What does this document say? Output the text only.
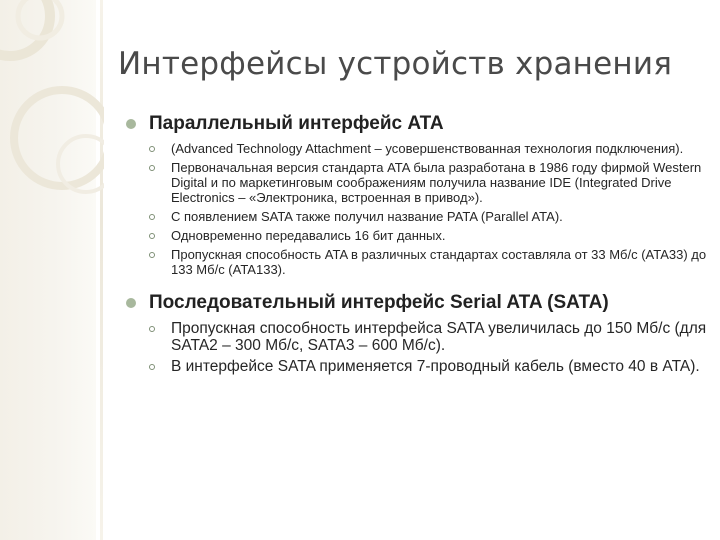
Интерфейсы устройств хранения
Параллельный интерфейс ATA
(Advanced Technology Attachment – усовершенствованная технология подключения).
Первоначальная версия стандарта ATA была разработана в 1986 году фирмой Western Digital и по маркетинговым соображениям получила название IDE (Integrated Drive Electronics – «Электроника, встроенная в привод»).
С появлением SATA также получил название PATA (Parallel ATA).
Одновременно передавались 16 бит данных.
Пропускная способность ATA в различных стандартах составляла от 33 Мб/с (ATA33) до 133 Мб/с (ATA133).
Последовательный интерфейс Serial ATA (SATA)
Пропускная способность интерфейса SATA увеличилась до 150 Мб/с (для SATA2 – 300 Мб/с, SATA3 – 600 Мб/с).
В интерфейсе SATA применяется 7-проводный кабель (вместо 40 в ATA).
